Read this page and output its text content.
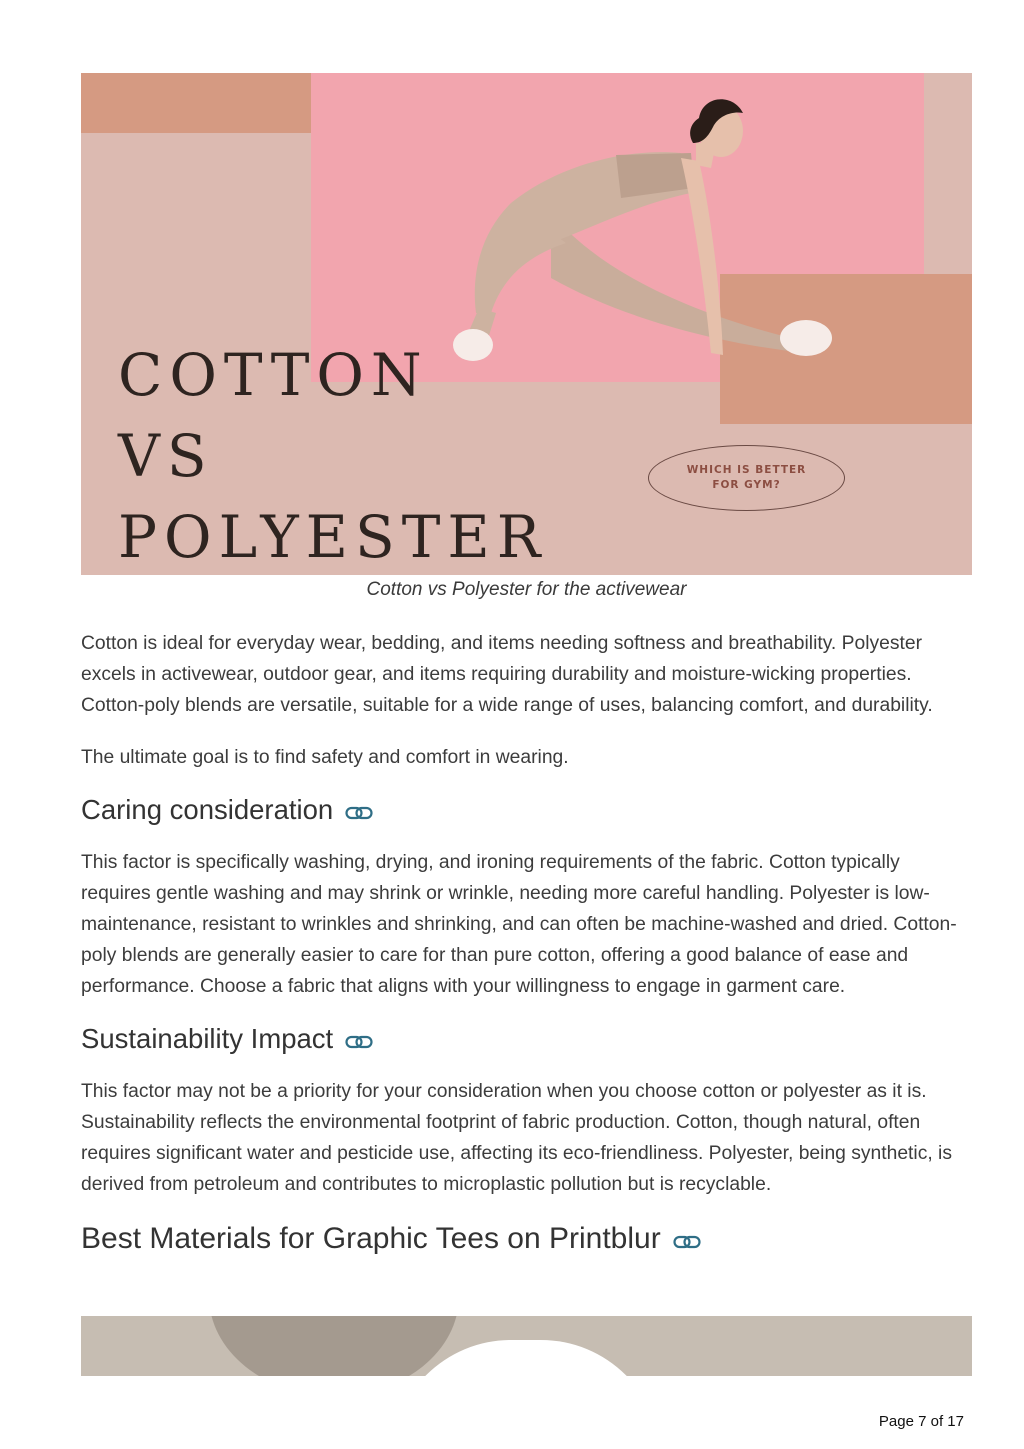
COTTON
VS
POLYESTER
WHICH IS BETTER FOR GYM?
Cotton vs Polyester for the activewear

Cotton is ideal for everyday wear, bedding, and items needing softness and breathability. Polyester excels in activewear, outdoor gear, and items requiring durability and moisture-wicking properties. Cotton-poly blends are versatile, suitable for a wide range of uses, balancing comfort, and durability.

The ultimate goal is to find safety and comfort in wearing.

Caring consideration

This factor is specifically washing, drying, and ironing requirements of the fabric. Cotton typically requires gentle washing and may shrink or wrinkle, needing more careful handling. Polyester is low-maintenance, resistant to wrinkles and shrinking, and can often be machine-washed and dried. Cotton-poly blends are generally easier to care for than pure cotton, offering a good balance of ease and performance. Choose a fabric that aligns with your willingness to engage in garment care.

Sustainability Impact

This factor may not be a priority for your consideration when you choose cotton or polyester as it is. Sustainability reflects the environmental footprint of fabric production. Cotton, though natural, often requires significant water and pesticide use, affecting its eco-friendliness. Polyester, being synthetic, is derived from petroleum and contributes to microplastic pollution but is recyclable.

Best Materials for Graphic Tees on Printblur
Page 7 of 17
